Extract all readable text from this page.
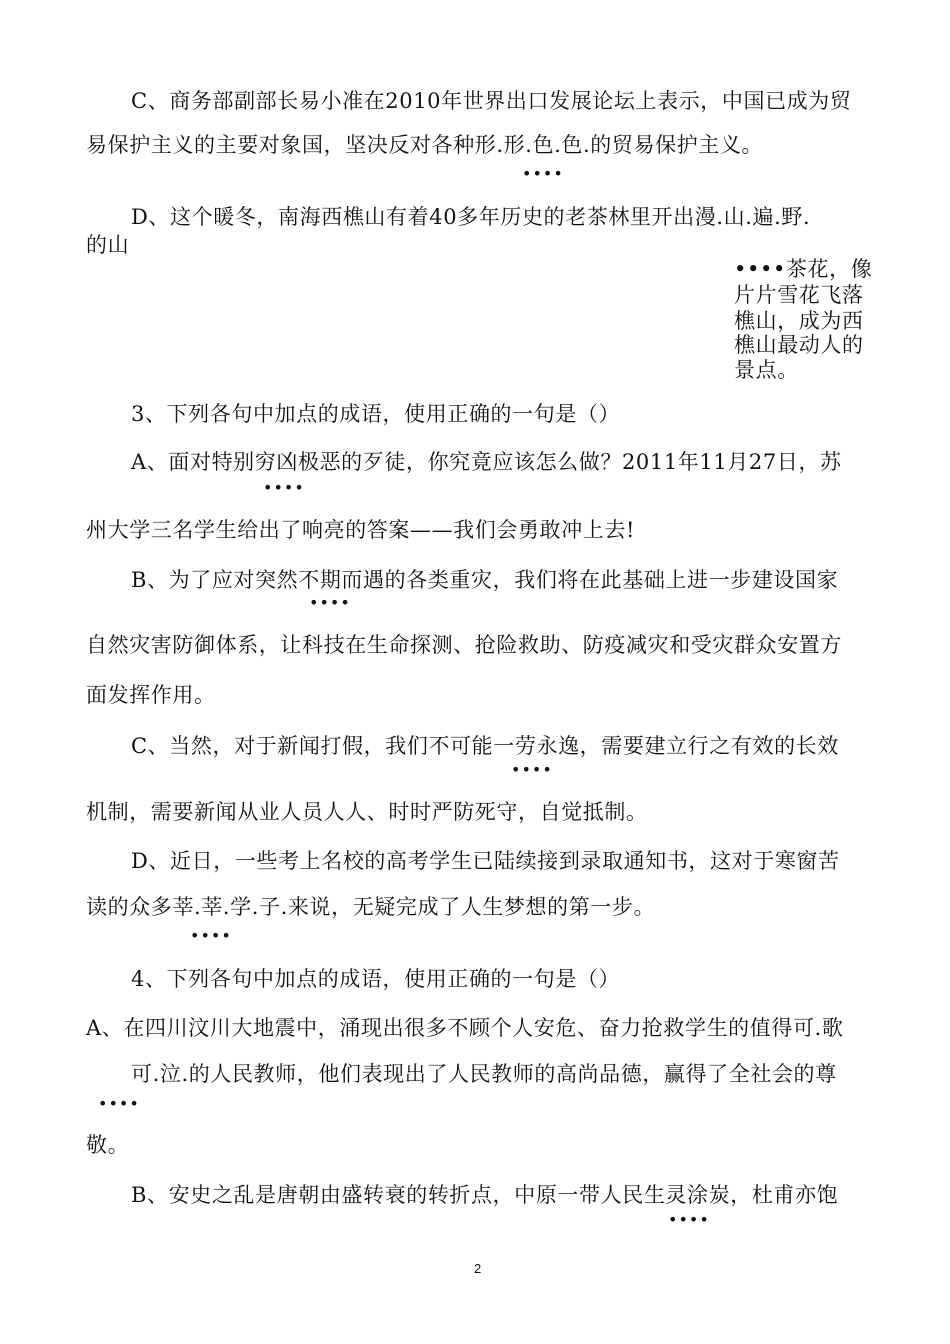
C、商务部副部长易小准在2010年世界出口发展论坛上表示，中国已成为贸
易保护主义的主要对象国，坚决反对各种形.形.色.色.的贸易保护主义。
••••
D、这个暖冬，南海西樵山有着40多年历史的老茶林里开出漫.山.遍.野.
的山
••••茶花，像
片片雪花飞落
樵山，成为西
樵山最动人的
景点。
3、下列各句中加点的成语，使用正确的一句是（）
A、面对特别穷凶极恶的歹徒，你究竟应该怎么做？2011年11月27日，苏
••••
州大学三名学生给出了响亮的答案——我们会勇敢冲上去!
B、为了应对突然不期而遇的各类重灾，我们将在此基础上进一步建设国家
••••
自然灾害防御体系，让科技在生命探测、抢险救助、防疫减灾和受灾群众安置方
面发挥作用。
C、当然，对于新闻打假，我们不可能一劳永逸，需要建立行之有效的长效
••••
机制，需要新闻从业人员人人、时时严防死守，自觉抵制。
D、近日，一些考上名校的高考学生已陆续接到录取通知书，这对于寒窗苦
读的众多莘.莘.学.子.来说，无疑完成了人生梦想的第一步。
••••
4、下列各句中加点的成语，使用正确的一句是（）
A、在四川汶川大地震中，涌现出很多不顾个人安危、奋力抢救学生的值得可.歌
可.泣.的人民教师，他们表现出了人民教师的高尚品德，赢得了全社会的尊
••••
敬。
B、安史之乱是唐朝由盛转衰的转折点，中原一带人民生灵涂炭，杜甫亦饱
••••
2
